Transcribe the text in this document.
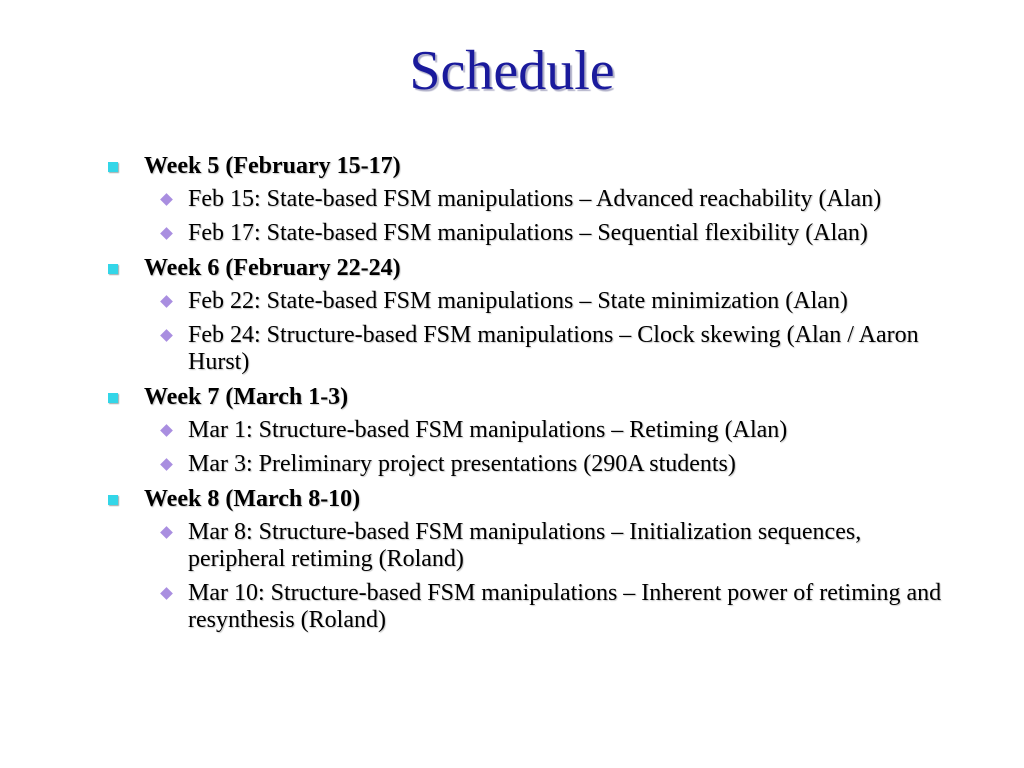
Schedule
Week 5 (February 15-17)
Feb 15: State-based FSM manipulations – Advanced reachability (Alan)
Feb 17: State-based FSM manipulations – Sequential flexibility (Alan)
Week 6 (February 22-24)
Feb 22: State-based FSM manipulations – State minimization (Alan)
Feb 24: Structure-based FSM manipulations – Clock skewing (Alan / Aaron Hurst)
Week 7 (March 1-3)
Mar 1: Structure-based FSM manipulations – Retiming (Alan)
Mar 3: Preliminary project presentations (290A students)
Week 8 (March 8-10)
Mar 8: Structure-based FSM manipulations – Initialization sequences, peripheral retiming (Roland)
Mar 10: Structure-based FSM manipulations – Inherent power of retiming and resynthesis (Roland)
